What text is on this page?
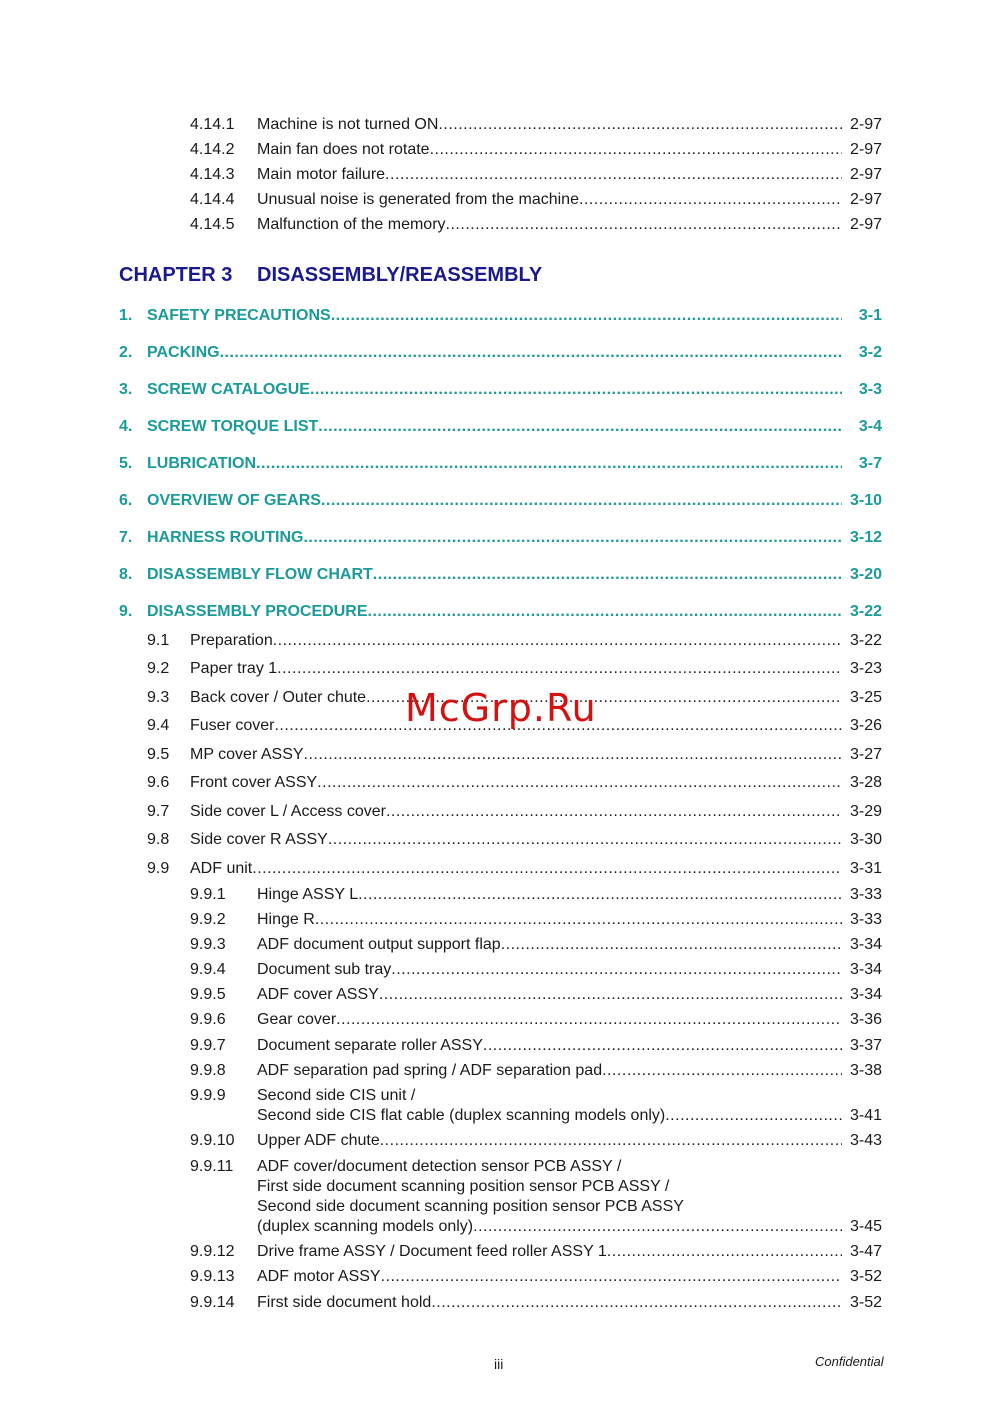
4.14.1	Machine is not turned ON .....	2-97
4.14.2	Main fan does not rotate .....	2-97
4.14.3	Main motor failure .....	2-97
4.14.4	Unusual noise is generated from the machine .....	2-97
4.14.5	Malfunction of the memory .....	2-97
CHAPTER 3	DISASSEMBLY/REASSEMBLY
1. SAFETY PRECAUTIONS .....	3-1
2. PACKING .....	3-2
3. SCREW CATALOGUE .....	3-3
4. SCREW TORQUE LIST .....	3-4
5. LUBRICATION .....	3-7
6. OVERVIEW OF GEARS .....	3-10
7. HARNESS ROUTING .....	3-12
8. DISASSEMBLY FLOW CHART .....	3-20
9. DISASSEMBLY PROCEDURE .....	3-22
9.1	Preparation .....	3-22
9.2	Paper tray 1 .....	3-23
9.3	Back cover / Outer chute .....	3-25
9.4	Fuser cover .....	3-26
9.5	MP cover ASSY .....	3-27
9.6	Front cover ASSY .....	3-28
9.7	Side cover L / Access cover .....	3-29
9.8	Side cover R ASSY .....	3-30
9.9	ADF unit .....	3-31
9.9.1	Hinge ASSY L .....	3-33
9.9.2	Hinge R .....	3-33
9.9.3	ADF document output support flap .....	3-34
9.9.4	Document sub tray .....	3-34
9.9.5	ADF cover ASSY .....	3-34
9.9.6	Gear cover .....	3-36
9.9.7	Document separate roller ASSY .....	3-37
9.9.8	ADF separation pad spring / ADF separation pad .....	3-38
9.9.9 Second side CIS unit /
Second side CIS flat cable (duplex scanning models only) .....	3-41
9.9.10	Upper ADF chute .....	3-43
9.9.11 ADF cover/document detection sensor PCB ASSY /
First side document scanning position sensor PCB ASSY /
Second side document scanning position sensor PCB ASSY
(duplex scanning models only) .....	3-45
9.9.12	Drive frame ASSY / Document feed roller ASSY 1 .....	3-47
9.9.13	ADF motor ASSY .....	3-52
9.9.14	First side document hold .....	3-52
McGrp.Ru
iii	Confidential
